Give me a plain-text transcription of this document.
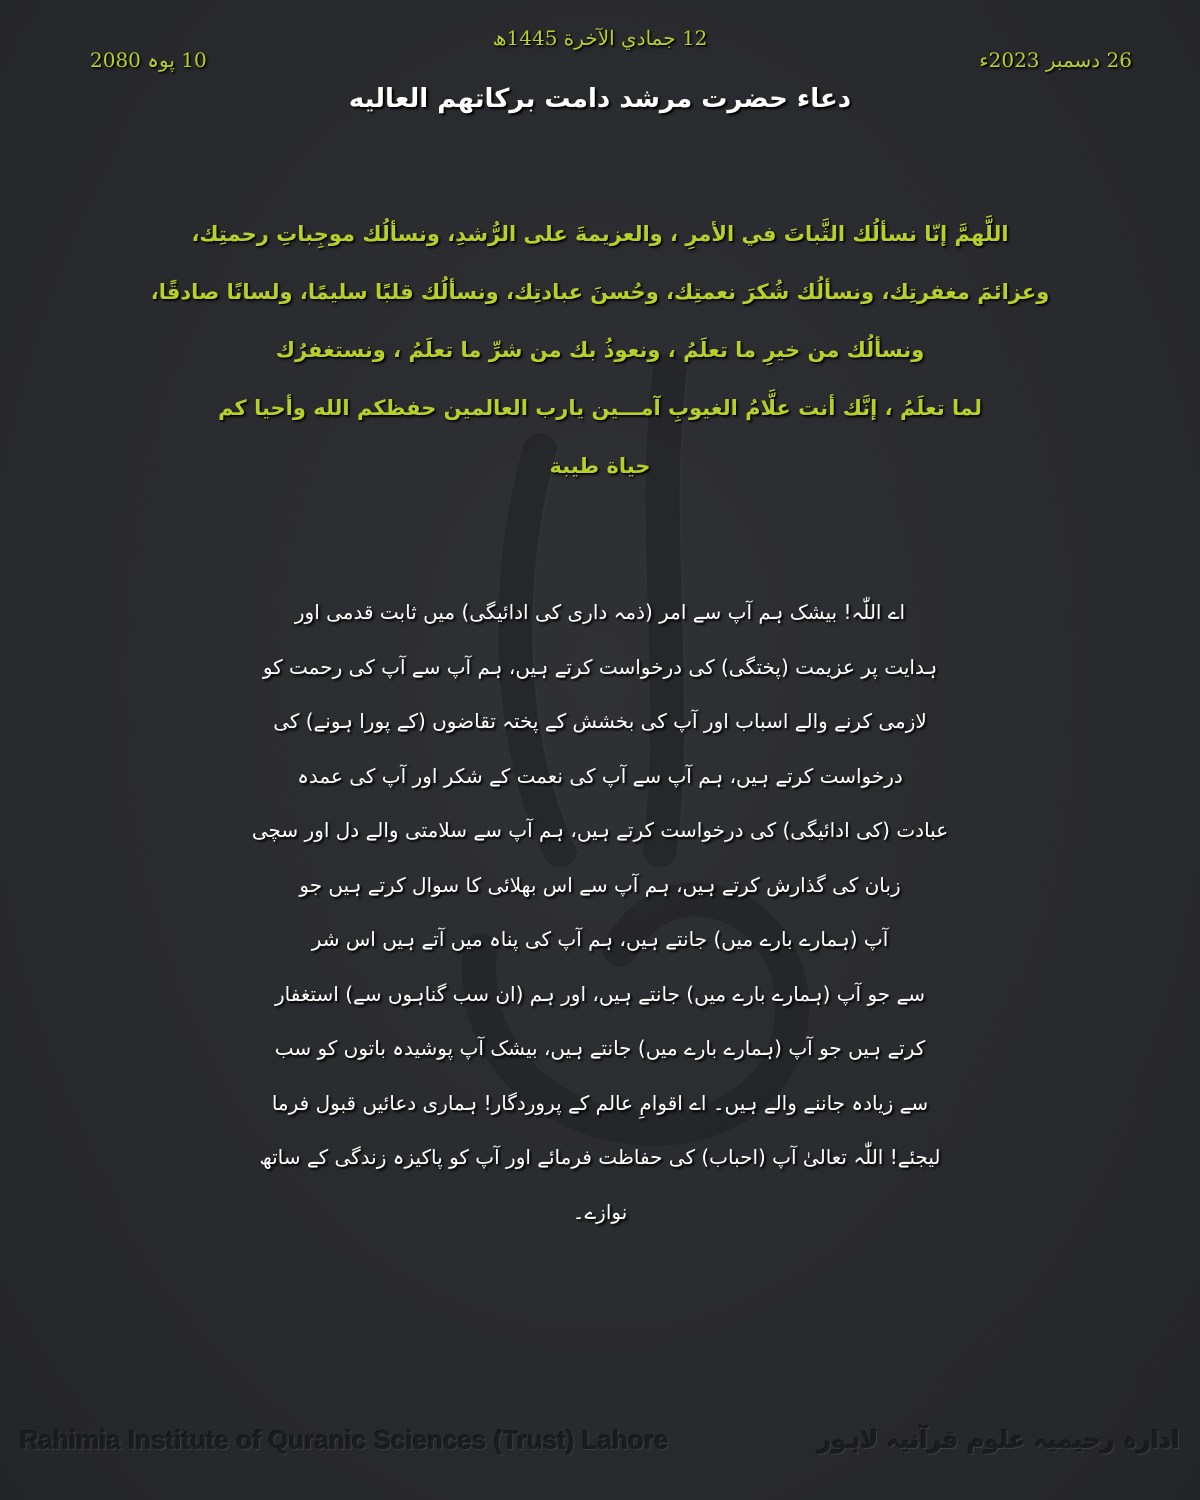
12 جمادي الآخرة 1445ھ
26 دسمبر 2023ء
10 پوہ 2080
دعاء حضرت مرشد دامت برکاتهم العالیه
اللَّهمَّ إنّا نسألُك الثَّباتَ في الأمرِ ، والعزيمةَ على الرُّشدِ، ونسألُك موجِباتِ رحمتِك،
وعزائمَ مغفرتِك، ونسألُك شُكرَ نعمتِك، وحُسنَ عبادتِك، ونسألُك قلبًا سليمًا، ولسانًا صادقًا،
ونسألُك من خيرِ ما تعلَمُ ، ونعوذُ بك من شرِّ ما تعلَمُ ، ونستغفرُك
لما تعلَمُ ، إنَّك أنت علَّامُ الغيوبِ آمـــين يارب العالمين حفظكم الله وأحيا كم
حياة طيبة
اے اللّٰہ! بیشک ہم آپ سے امر (ذمہ داری کی ادائیگی) میں ثابت قدمی اور
ہدایت پر عزیمت (پختگی) کی درخواست کرتے ہیں، ہم آپ سے آپ کی رحمت کو
لازمی کرنے والے اسباب اور آپ کی بخشش کے پختہ تقاضوں (کے پورا ہونے) کی
درخواست کرتے ہیں، ہم آپ سے آپ کی نعمت کے شکر اور آپ کی عمدہ
عبادت (کی ادائیگی) کی درخواست کرتے ہیں، ہم آپ سے سلامتی والے دل اور سچی
زبان کی گذارش کرتے ہیں، ہم آپ سے اس بھلائی کا سوال کرتے ہیں جو
آپ (ہمارے بارے میں) جانتے ہیں، ہم آپ کی پناہ میں آتے ہیں اس شر
سے جو آپ (ہمارے بارے میں) جانتے ہیں، اور ہم (ان سب گناہوں سے) استغفار
کرتے ہیں جو آپ (ہمارے بارے میں) جانتے ہیں، بیشک آپ پوشیدہ باتوں کو سب
سے زیادہ جاننے والے ہیں۔ اے اقوامِ عالم کے پروردگار! ہماری دعائیں قبول فرما
لیجئے! اللّٰہ تعالیٰ آپ (احباب) کی حفاظت فرمائے اور آپ کو پاکیزہ زندگی کے ساتھ
نوازے۔
Rahimia Institute of Quranic Sciences (Trust) Lahore	ادارہ رحیمیہ علوم قرآنیہ لاہور
